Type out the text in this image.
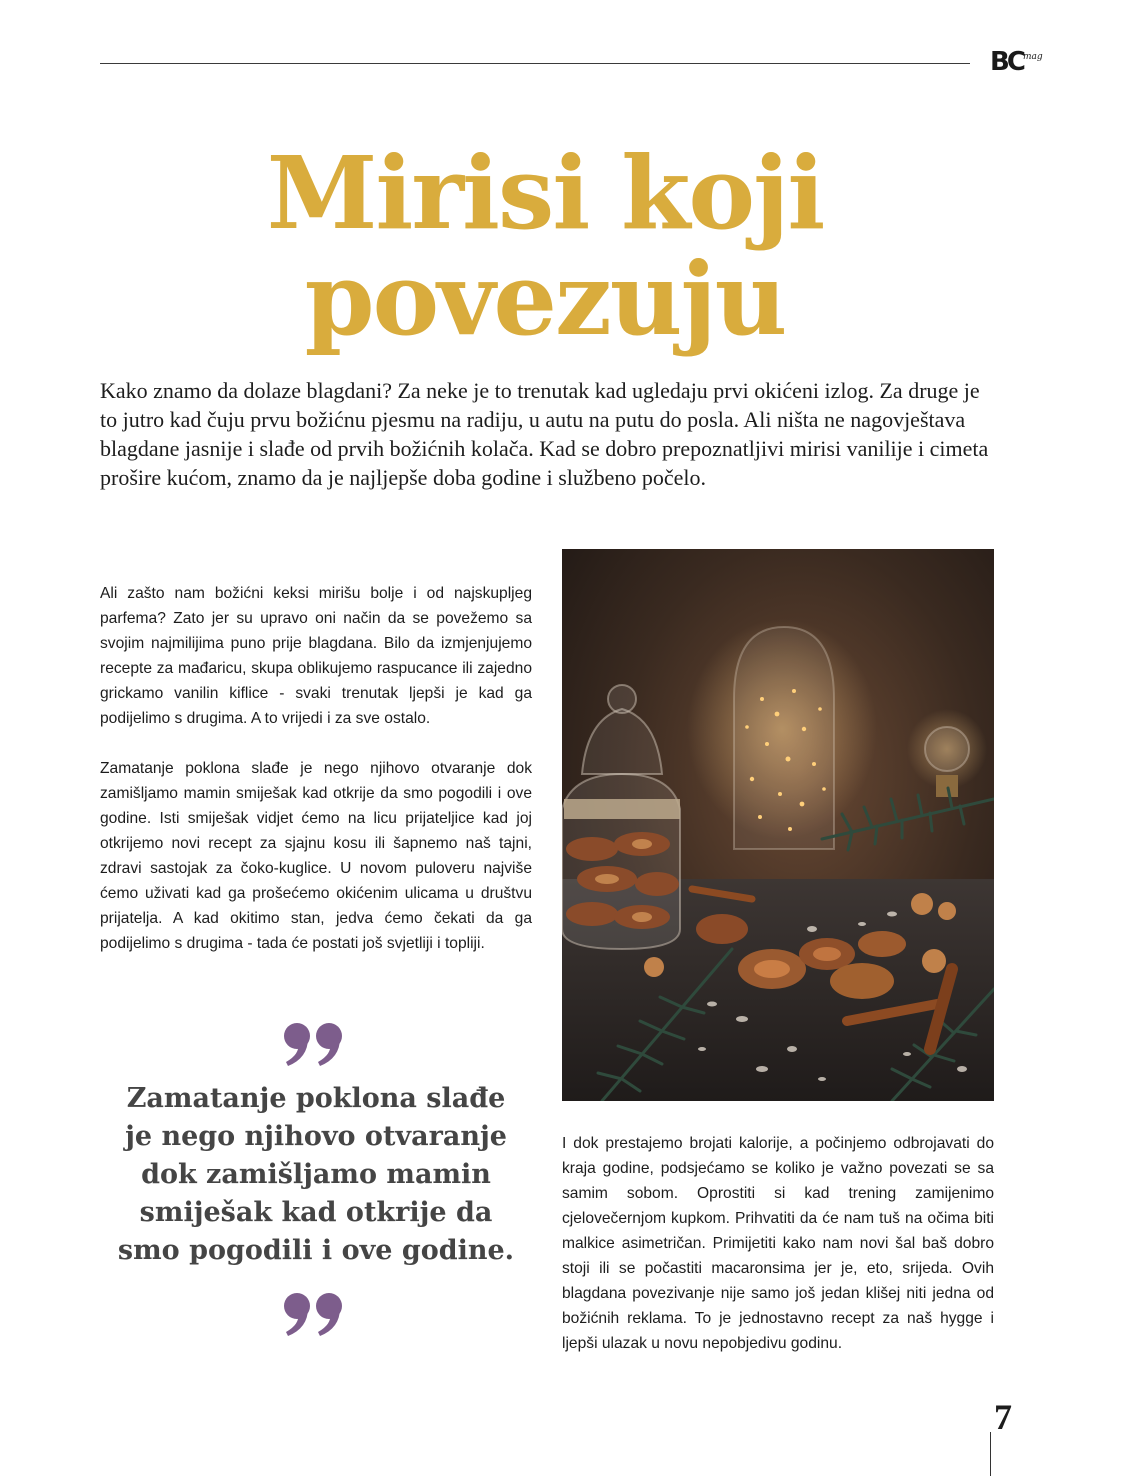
BC mag
Mirisi koji povezuju

Kako znamo da dolaze blagdani? Za neke je to trenutak kad ugledaju prvi okićeni izlog. Za druge je to jutro kad čuju prvu božićnu pjesmu na radiju, u autu na putu do posla. Ali ništa ne nagovještava blagdane jasnije i slađe od prvih božićnih kolača. Kad se dobro prepoznatljivi mirisi vanilije i cimeta prošire kućom, znamo da je najljepše doba godine i službeno počelo.

Ali zašto nam božićni keksi mirišu bolje i od najskupljeg parfema? Zato jer su upravo oni način da se povežemo sa svojim najmilijima puno prije blagdana. Bilo da izmjenjujemo recepte za mađaricu, skupa oblikujemo raspucance ili zajedno grickamo vanilin kiflice - svaki trenutak ljepši je kad ga podijelimo s drugima. A to vrijedi i za sve ostalo.

Zamatanje poklona slađe je nego njihovo otvaranje dok zamišljamo mamin smiješak kad otkrije da smo pogodili i ove godine. Isti smiješak vidjet ćemo na licu prijateljice kad joj otkrijemo novi recept za sjajnu kosu ili šapnemo naš tajni, zdravi sastojak za čoko-kuglice. U novom puloveru najviše ćemo uživati kad ga prošećemo okićenim ulicama u društvu prijatelja. A kad okitimo stan, jedva ćemo čekati da ga podijelimo s drugima - tada će postati još svjetliji i topliji.

I dok prestajemo brojati kalorije, a počinjemo odbrojavati do kraja godine, podsjećamo se koliko je važno povezati se sa samim sobom. Oprostiti si kad trening zamijenimo cjelovečernjom kupkom. Prihvatiti da će nam tuš na očima biti malkice asimetričan. Primijetiti kako nam novi šal baš dobro stoji ili se počastiti macaronsima jer je, eto, srijeda. Ovih blagdana povezivanje nije samo još jedan klišej niti jedna od božićnih reklama. To je jednostavno recept za naš hygge i ljepši ulazak u novu nepobjedivu godinu.

Zamatanje poklona slađe je nego njihovo otvaranje dok zamišljamo mamin smiješak kad otkrije da smo pogodili i ove godine.

7
